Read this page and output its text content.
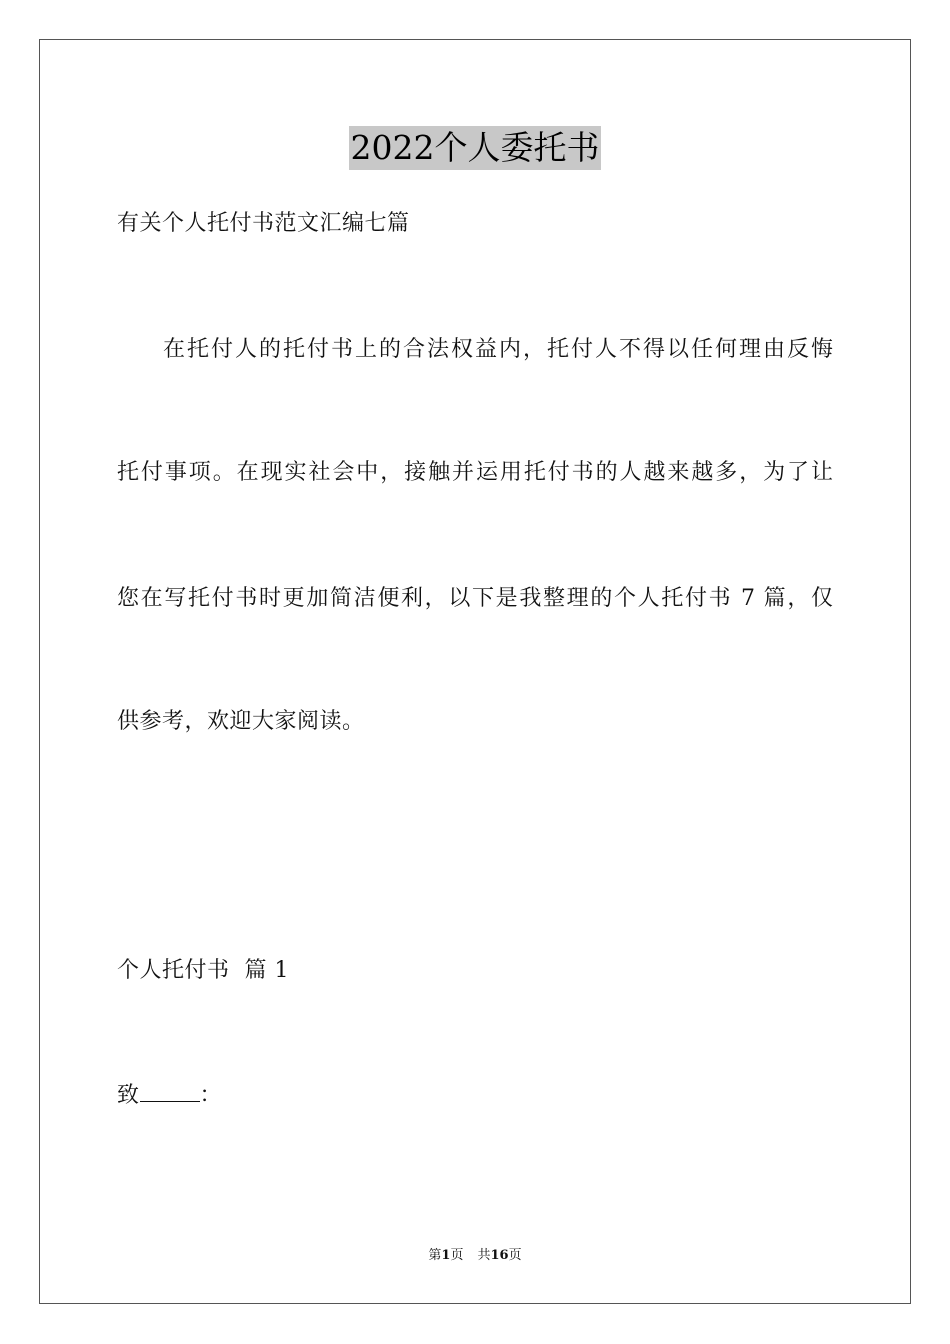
2022个人委托书
有关个人托付书范文汇编七篇
在托付人的托付书上的合法权益内，托付人不得以任何理由反悔
托付事项。在现实社会中，接触并运用托付书的人越来越多，为了让
您在写托付书时更加简洁便利，以下是我整理的个人托付书 7 篇，仅
供参考，欢迎大家阅读。
个人托付书  篇 1
致	：
第1页 共16页
